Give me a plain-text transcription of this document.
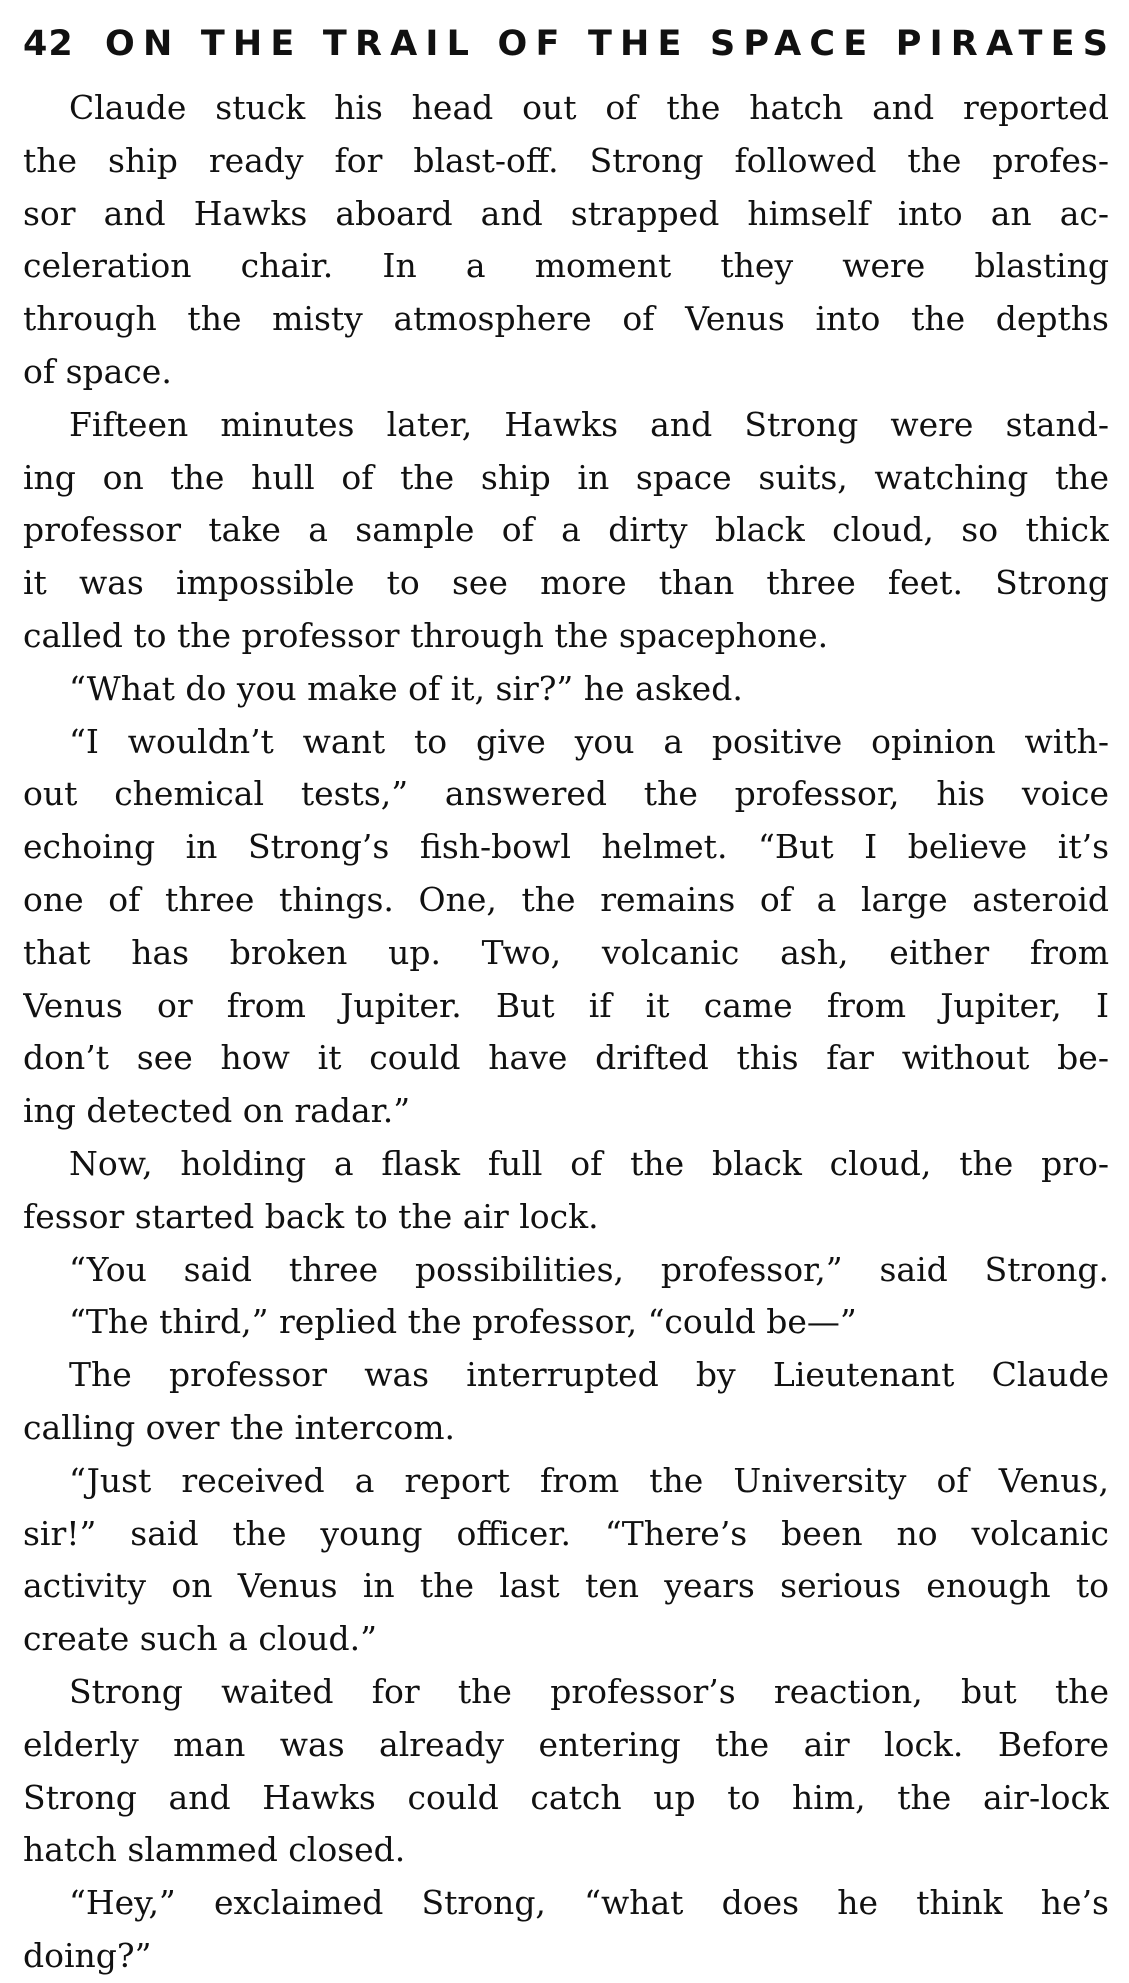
42 ON THE TRAIL OF THE SPACE PIRATES

Claude stuck his head out of the hatch and reported
the ship ready for blast-off. Strong followed the profes-
sor and Hawks aboard and strapped himself into an ac-
celeration chair. In a moment they were blasting
through the misty atmosphere of Venus into the depths
of space.

Fifteen minutes later, Hawks and Strong were stand-
ing on the hull of the ship in space suits, watching the
professor take a sample of a dirty black cloud, so thick
it was impossible to see more than three feet. Strong
called to the professor through the spacephone.

“What do you make of it, sir?” he asked.

“I wouldn’t want to give you a positive opinion with-
out chemical tests,” answered the professor, his voice
echoing in Strong’s fish-bowl helmet. “But I believe it’s
one of three things. One, the remains of a large asteroid
that has broken up. Two, volcanic ash, either from
Venus or from Jupiter. But if it came from Jupiter, I
don’t see how it could have drifted this far without be-
ing detected on radar.”

Now, holding a flask full of the black cloud, the pro-
fessor started back to the air lock.

“You said three possibilities, professor,” said Strong.

“The third,” replied the professor, “could be—”

The professor was interrupted by Lieutenant Claude
calling over the intercom.

“Just received a report from the University of Venus,
sir!” said the young officer. “There’s been no volcanic
activity on Venus in the last ten years serious enough to
create such a cloud.”

Strong waited for the professor’s reaction, but the
elderly man was already entering the air lock. Before
Strong and Hawks could catch up to him, the air-lock
hatch slammed closed.

“Hey,” exclaimed Strong, “what does he think he’s
doing?”
